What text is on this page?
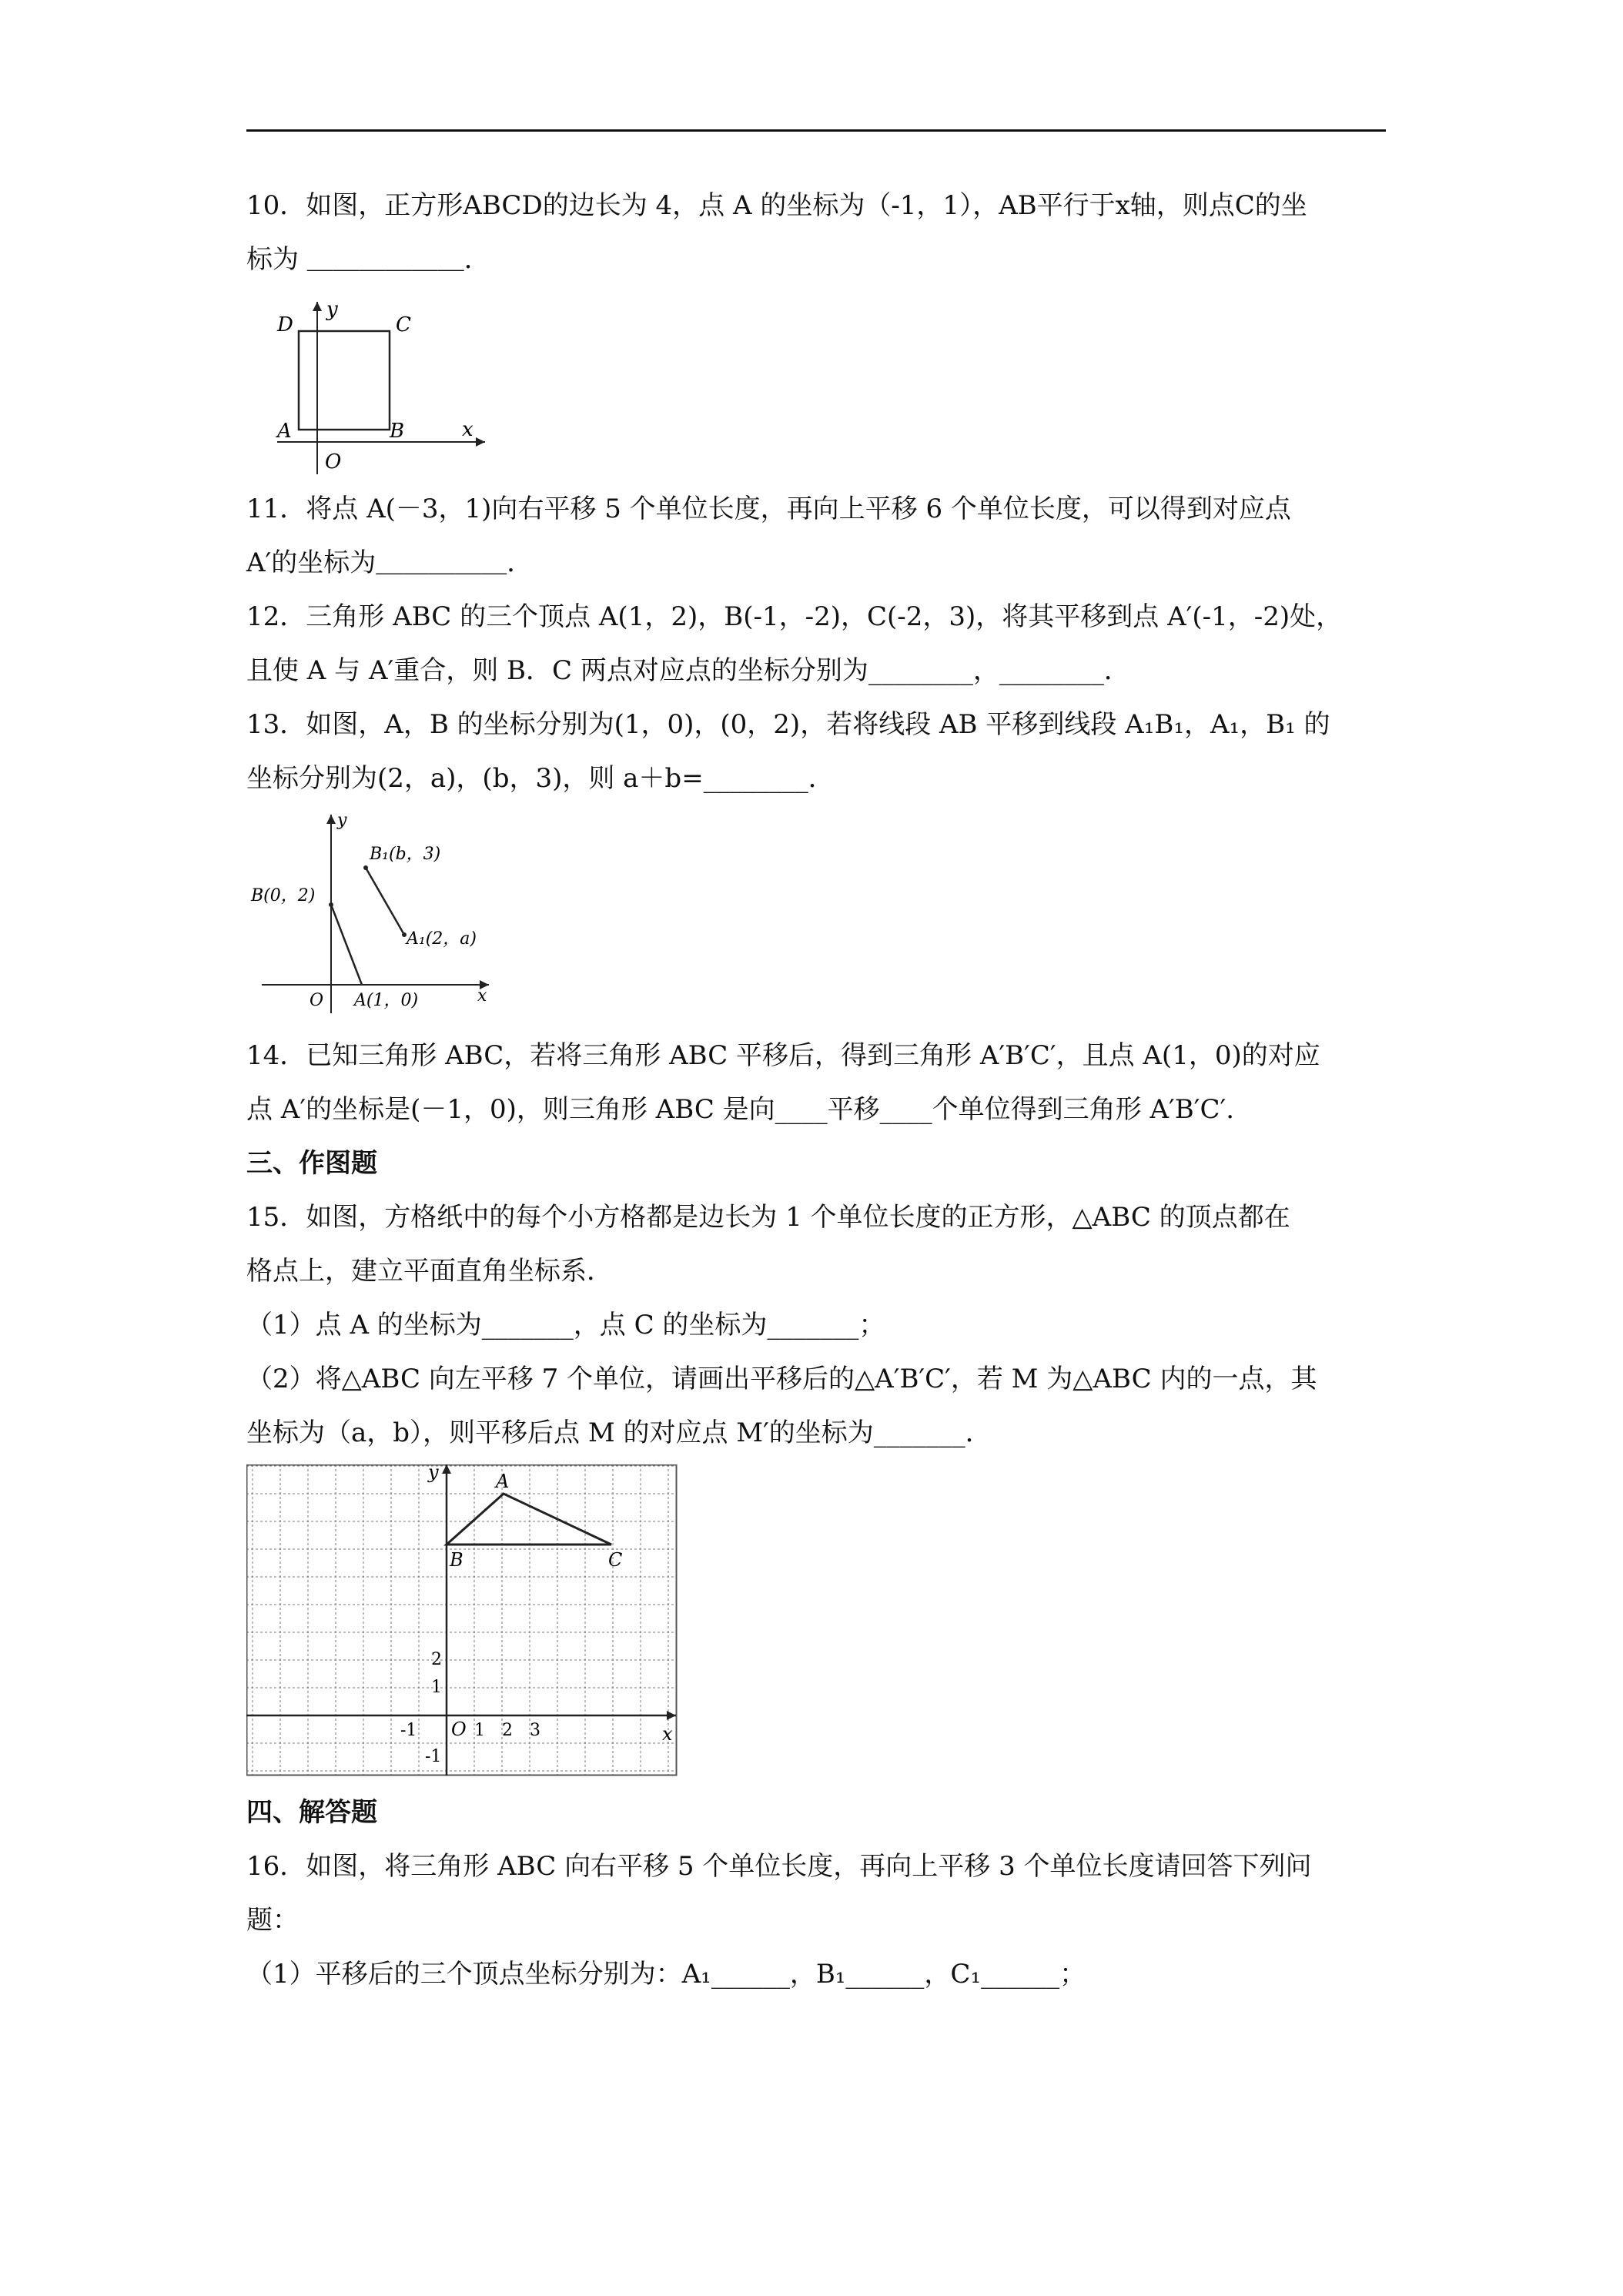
10．如图，正方形ABCD的边长为 4，点 A 的坐标为（-1，1），AB平行于x轴，则点C的坐
标为 ＿＿＿＿＿＿．
D	C
A	B
O
x
y
11．将点 A(－3，1)向右平移 5 个单位长度，再向上平移 6 个单位长度，可以得到对应点
A′的坐标为＿＿＿＿＿．
12．三角形 ABC 的三个顶点 A(1，2)，B(-1，-2)，C(-2，3)，将其平移到点 A′(-1，-2)处，
且使 A 与 A′重合，则 B．C 两点对应点的坐标分别为________，________．
13．如图，A，B 的坐标分别为(1，0)，(0，2)，若将线段 AB 平移到线段 A₁B₁，A₁，B₁ 的
坐标分别为(2，a)，(b，3)，则 a＋b=________．
B₁(b，3)
B(0，2)
A₁(2，a)
O A(1，0)	x
y
14．已知三角形 ABC，若将三角形 ABC 平移后，得到三角形 A′B′C′，且点 A(1，0)的对应
点 A′的坐标是(－1，0)，则三角形 ABC 是向____平移____个单位得到三角形 A′B′C′.
三、作图题
15．如图，方格纸中的每个小方格都是边长为 1 个单位长度的正方形，△ABC 的顶点都在
格点上，建立平面直角坐标系．
（1）点 A 的坐标为_______，点 C 的坐标为_______；
（2）将△ABC 向左平移 7 个单位，请画出平移后的△A′B′C′，若 M 为△ABC 内的一点，其
坐标为（a，b），则平移后点 M 的对应点 M′的坐标为_______．
A
B	C
y
x
O
2
1
-1	1 2 3
-1
四、解答题
16．如图，将三角形 ABC 向右平移 5 个单位长度，再向上平移 3 个单位长度请回答下列问
题：
（1）平移后的三个顶点坐标分别为：A₁______，B₁______，C₁______；
